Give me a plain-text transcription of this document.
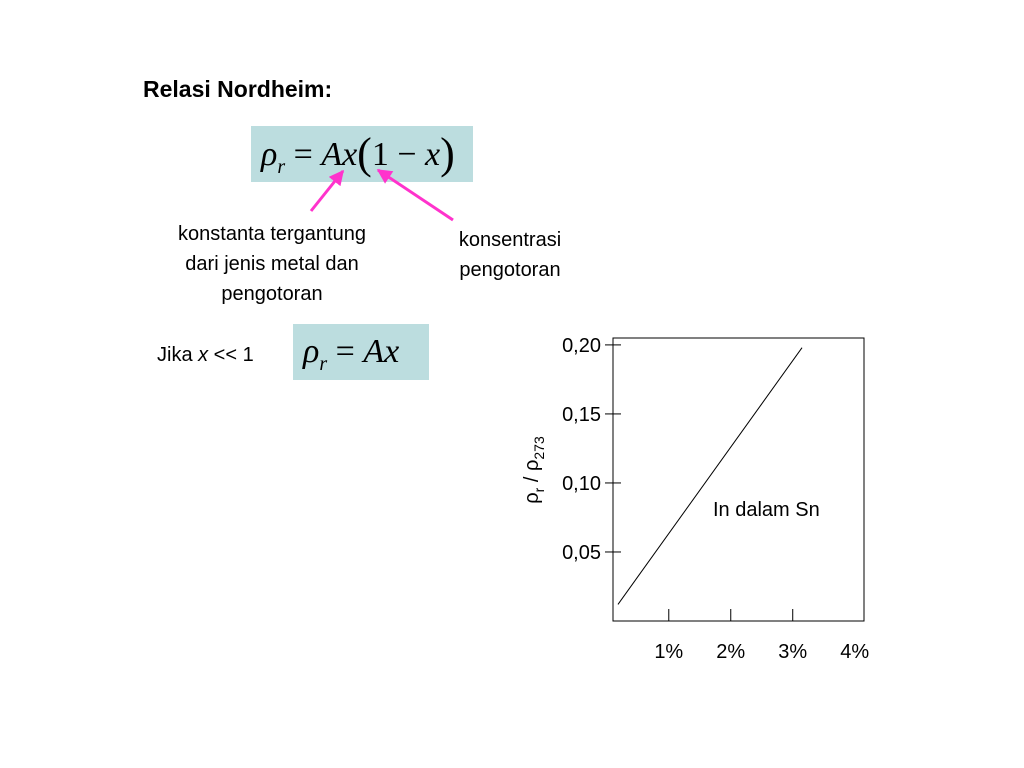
Relasi Nordheim:
$\rho_r = Ax(1 - x)$
konstanta tergantung
dari jenis metal dan
pengotoran
konsentrasi
pengotoran
Jika x << 1 $\rho_r = Ax$	0,20
0,15
0,10
0,05
1% 2% 3% 4%
$\rho_r / \rho_{273}$
In dalam Sn
